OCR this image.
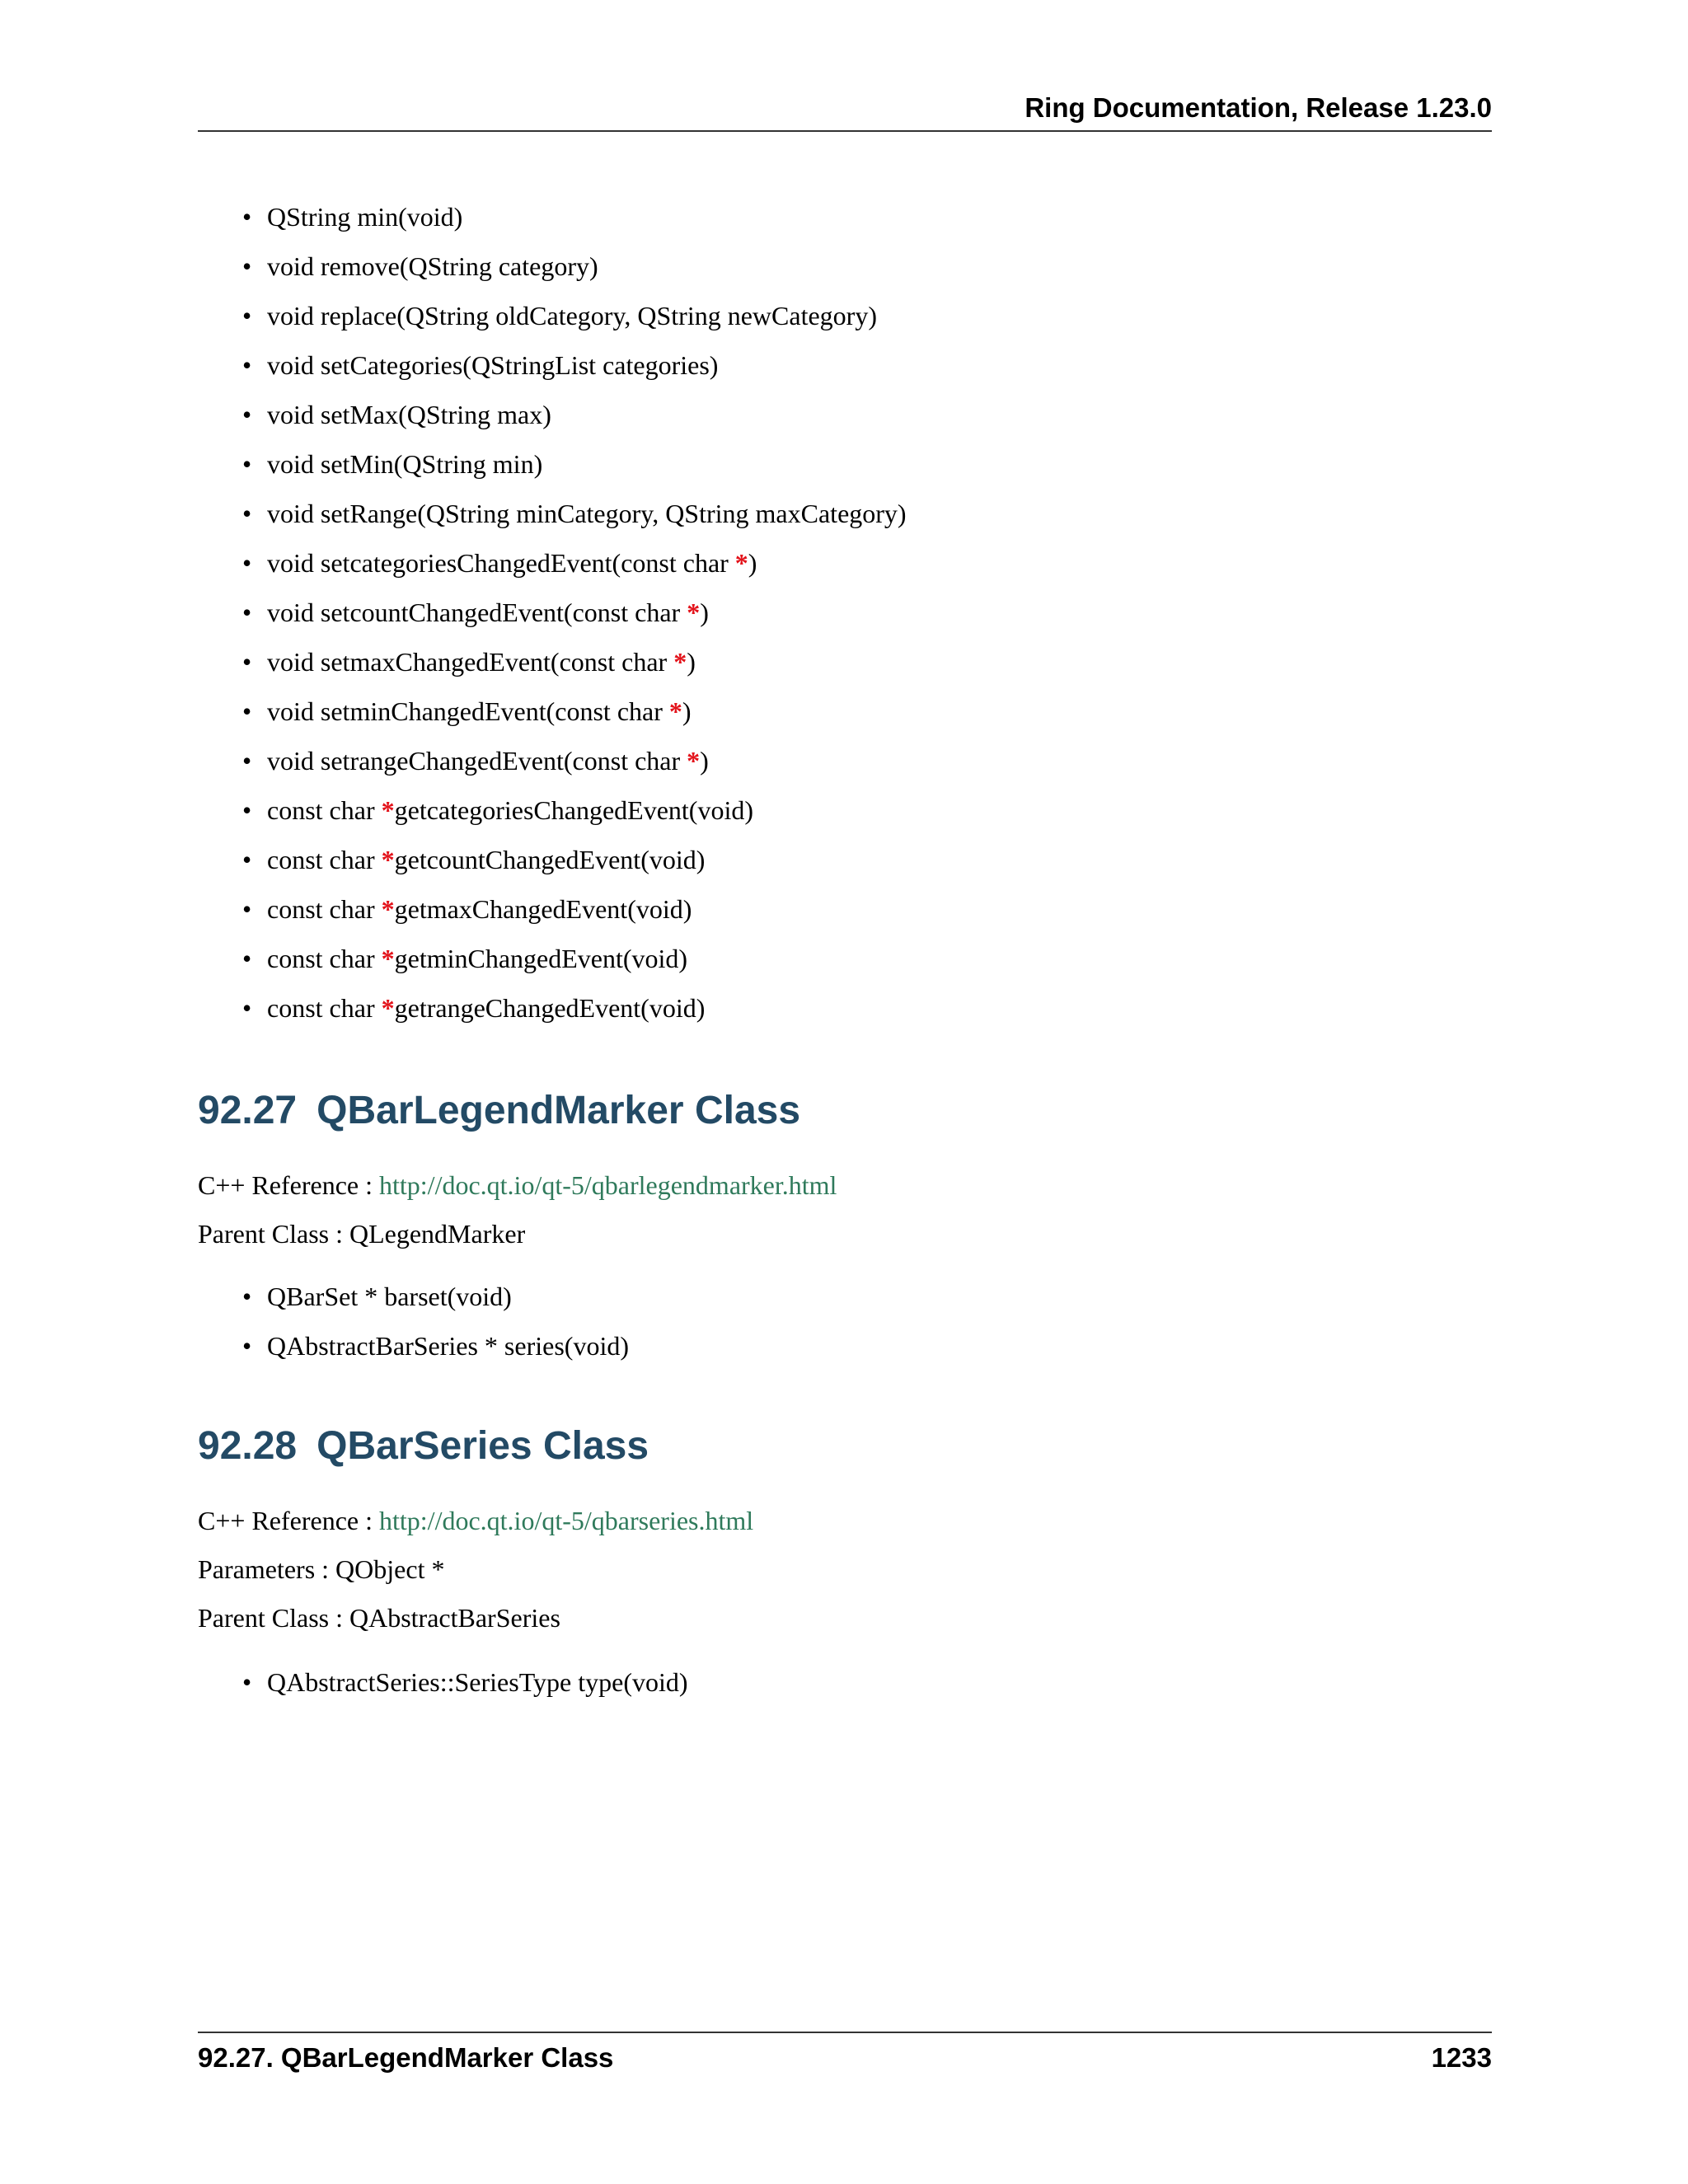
Ring Documentation, Release 1.23.0
• QString min(void)
• void remove(QString category)
• void replace(QString oldCategory, QString newCategory)
• void setCategories(QStringList categories)
• void setMax(QString max)
• void setMin(QString min)
• void setRange(QString minCategory, QString maxCategory)
• void setcategoriesChangedEvent(const char *)
• void setcountChangedEvent(const char *)
• void setmaxChangedEvent(const char *)
• void setminChangedEvent(const char *)
• void setrangeChangedEvent(const char *)
• const char *getcategoriesChangedEvent(void)
• const char *getcountChangedEvent(void)
• const char *getmaxChangedEvent(void)
• const char *getminChangedEvent(void)
• const char *getrangeChangedEvent(void)
92.27 QBarLegendMarker Class
C++ Reference : http://doc.qt.io/qt-5/qbarlegendmarker.html
Parent Class : QLegendMarker
• QBarSet * barset(void)
• QAbstractBarSeries * series(void)
92.28 QBarSeries Class
C++ Reference : http://doc.qt.io/qt-5/qbarseries.html
Parameters : QObject *
Parent Class : QAbstractBarSeries
• QAbstractSeries::SeriesType type(void)
92.27. QBarLegendMarker Class	1233
